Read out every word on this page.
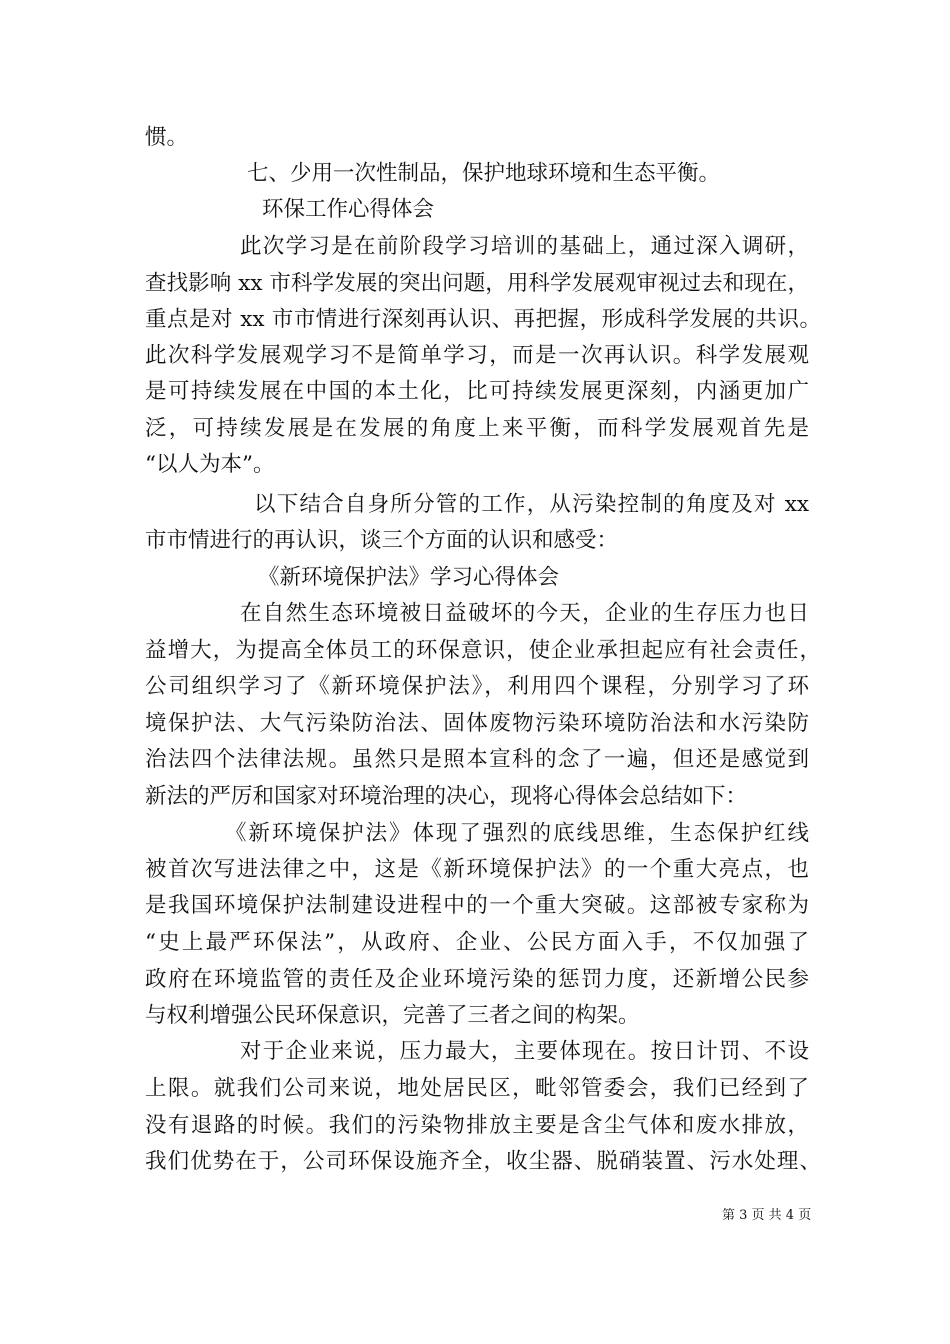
惯。
七、少用一次性制品，保护地球环境和生态平衡。
环保工作心得体会
此次学习是在前阶段学习培训的基础上，通过深入调研，
查找影响 xx 市科学发展的突出问题，用科学发展观审视过去和现在，
重点是对 xx 市市情进行深刻再认识、再把握，形成科学发展的共识。
此次科学发展观学习不是简单学习，而是一次再认识。科学发展观
是可持续发展在中国的本土化，比可持续发展更深刻，内涵更加广
泛，可持续发展是在发展的角度上来平衡，而科学发展观首先是
“以人为本”。
以下结合自身所分管的工作，从污染控制的角度及对 xx
市市情进行的再认识，谈三个方面的认识和感受：
《新环境保护法》学习心得体会
在自然生态环境被日益破坏的今天，企业的生存压力也日
益增大，为提高全体员工的环保意识，使企业承担起应有社会责任，
公司组织学习了《新环境保护法》，利用四个课程，分别学习了环
境保护法、大气污染防治法、固体废物污染环境防治法和水污染防
治法四个法律法规。虽然只是照本宣科的念了一遍，但还是感觉到
新法的严厉和国家对环境治理的决心，现将心得体会总结如下：
《新环境保护法》体现了强烈的底线思维，生态保护红线
被首次写进法律之中，这是《新环境保护法》的一个重大亮点，也
是我国环境保护法制建设进程中的一个重大突破。这部被专家称为
“史上最严环保法”，从政府、企业、公民方面入手，不仅加强了
政府在环境监管的责任及企业环境污染的惩罚力度，还新增公民参
与权利增强公民环保意识，完善了三者之间的构架。
对于企业来说，压力最大，主要体现在。按日计罚、不设
上限。就我们公司来说，地处居民区，毗邻管委会，我们已经到了
没有退路的时候。我们的污染物排放主要是含尘气体和废水排放，
我们优势在于，公司环保设施齐全，收尘器、脱硝装置、污水处理、
第 3 页 共 4 页
